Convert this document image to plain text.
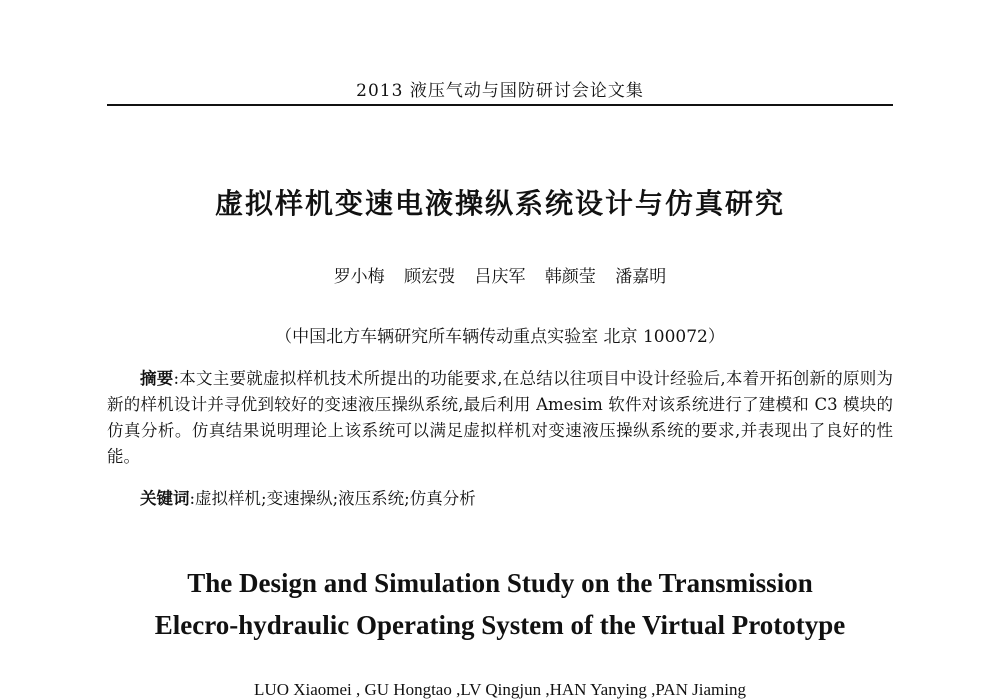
2013 液压气动与国防研讨会论文集
虚拟样机变速电液操纵系统设计与仿真研究
罗小梅 顾宏弢 吕庆军 韩颜莹 潘嘉明
（中国北方车辆研究所车辆传动重点实验室 北京 100072）
摘要:本文主要就虚拟样机技术所提出的功能要求,在总结以往项目中设计经验后,本着开拓创新的原则为新的样机设计并寻优到较好的变速液压操纵系统,最后利用 Amesim 软件对该系统进行了建模和 C3 模块的仿真分析。仿真结果说明理论上该系统可以满足虚拟样机对变速液压操纵系统的要求,并表现出了良好的性能。
关键词:虚拟样机;变速操纵;液压系统;仿真分析
The Design and Simulation Study on the Transmission
Elecro-hydraulic Operating System of the Virtual Prototype
LUO Xiaomei , GU Hongtao ,LV Qingjun ,HAN Yanying ,PAN Jiaming
